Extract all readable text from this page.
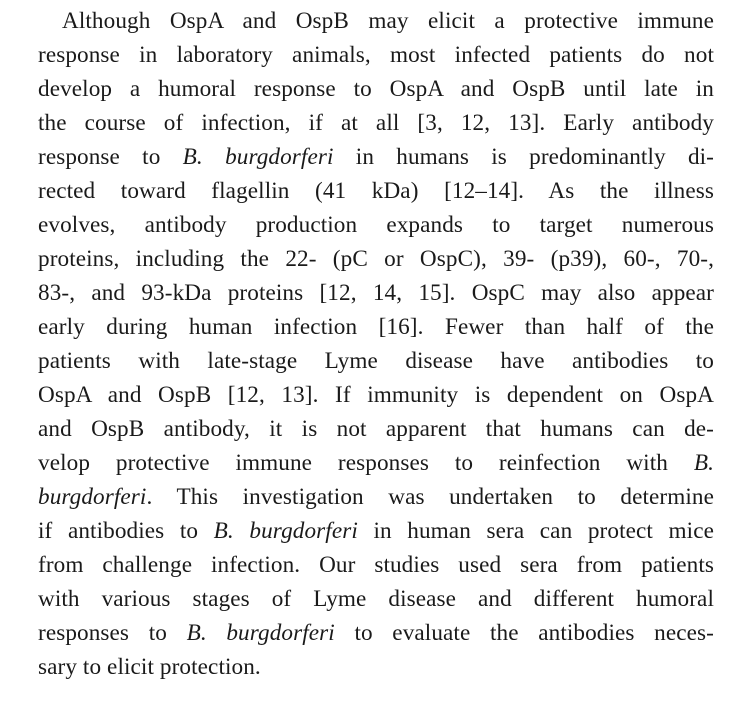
Although OspA and OspB may elicit a protective immune
response in laboratory animals, most infected patients do not
develop a humoral response to OspA and OspB until late in
the course of infection, if at all [3, 12, 13]. Early antibody
response to B. burgdorferi in humans is predominantly di-
rected toward flagellin (41 kDa) [12–14]. As the illness
evolves, antibody production expands to target numerous
proteins, including the 22- (pC or OspC), 39- (p39), 60-, 70-,
83-, and 93-kDa proteins [12, 14, 15]. OspC may also appear
early during human infection [16]. Fewer than half of the
patients with late-stage Lyme disease have antibodies to
OspA and OspB [12, 13]. If immunity is dependent on OspA
and OspB antibody, it is not apparent that humans can de-
velop protective immune responses to reinfection with B.
burgdorferi. This investigation was undertaken to determine
if antibodies to B. burgdorferi in human sera can protect mice
from challenge infection. Our studies used sera from patients
with various stages of Lyme disease and different humoral
responses to B. burgdorferi to evaluate the antibodies neces-
sary to elicit protection.
